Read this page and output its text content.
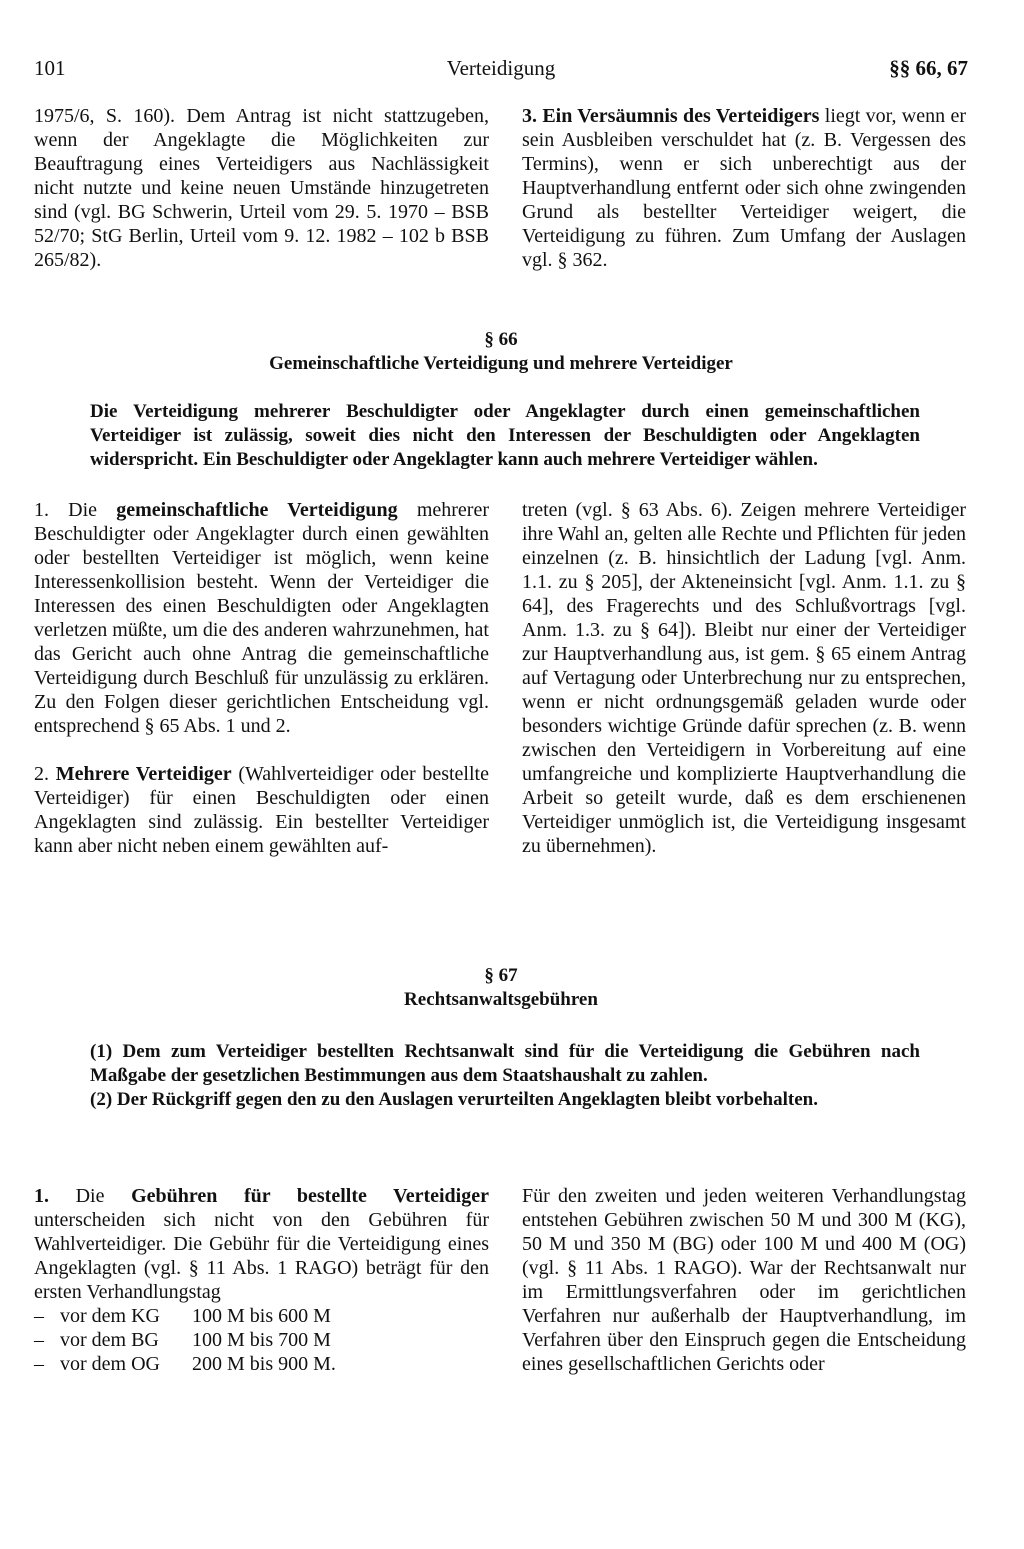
101	Verteidigung	§§ 66, 67

1975/6, S. 160). Dem Antrag ist nicht stattzugeben, wenn der Angeklagte die Möglichkeiten zur Beauftragung eines Verteidigers aus Nachlässigkeit nicht nutzte und keine neuen Umstände hinzugetreten sind (vgl. BG Schwerin, Urteil vom 29. 5. 1970 – BSB 52/70; StG Berlin, Urteil vom 9. 12. 1982 – 102 b BSB 265/82).

3. Ein Versäumnis des Verteidigers liegt vor, wenn er sein Ausbleiben verschuldet hat (z. B. Vergessen des Termins), wenn er sich unberechtigt aus der Hauptverhandlung entfernt oder sich ohne zwingenden Grund als bestellter Verteidiger weigert, die Verteidigung zu führen. Zum Umfang der Auslagen vgl. § 362.

§ 66
Gemeinschaftliche Verteidigung und mehrere Verteidiger

Die Verteidigung mehrerer Beschuldigter oder Angeklagter durch einen gemeinschaftlichen Verteidiger ist zulässig, soweit dies nicht den Interessen der Beschuldigten oder Angeklagten widerspricht. Ein Beschuldigter oder Angeklagter kann auch mehrere Verteidiger wählen.

1. Die gemeinschaftliche Verteidigung mehrerer Beschuldigter oder Angeklagter durch einen gewählten oder bestellten Verteidiger ist möglich, wenn keine Interessenkollision besteht. Wenn der Verteidiger die Interessen des einen Beschuldigten oder Angeklagten verletzen müßte, um die des anderen wahrzunehmen, hat das Gericht auch ohne Antrag die gemeinschaftliche Verteidigung durch Beschluß für unzulässig zu erklären. Zu den Folgen dieser gerichtlichen Entscheidung vgl. entsprechend § 65 Abs. 1 und 2.

2. Mehrere Verteidiger (Wahlverteidiger oder bestellte Verteidiger) für einen Beschuldigten oder einen Angeklagten sind zulässig. Ein bestellter Verteidiger kann aber nicht neben einem gewählten auf-

treten (vgl. § 63 Abs. 6). Zeigen mehrere Verteidiger ihre Wahl an, gelten alle Rechte und Pflichten für jeden einzelnen (z. B. hinsichtlich der Ladung [vgl. Anm. 1.1. zu § 205], der Akteneinsicht [vgl. Anm. 1.1. zu § 64], des Fragerechts und des Schlußvortrags [vgl. Anm. 1.3. zu § 64]). Bleibt nur einer der Verteidiger zur Hauptverhandlung aus, ist gem. § 65 einem Antrag auf Vertagung oder Unterbrechung nur zu entsprechen, wenn er nicht ordnungsgemäß geladen wurde oder besonders wichtige Gründe dafür sprechen (z. B. wenn zwischen den Verteidigern in Vorbereitung auf eine umfangreiche und komplizierte Hauptverhandlung die Arbeit so geteilt wurde, daß es dem erschienenen Verteidiger unmöglich ist, die Verteidigung insgesamt zu übernehmen).

§ 67
Rechtsanwaltsgebühren

(1) Dem zum Verteidiger bestellten Rechtsanwalt sind für die Verteidigung die Gebühren nach Maßgabe der gesetzlichen Bestimmungen aus dem Staatshaushalt zu zahlen.

(2) Der Rückgriff gegen den zu den Auslagen verurteilten Angeklagten bleibt vorbehalten.

1. Die Gebühren für bestellte Verteidiger unterscheiden sich nicht von den Gebühren für Wahlverteidiger. Die Gebühr für die Verteidigung eines Angeklagten (vgl. § 11 Abs. 1 RAGO) beträgt für den ersten Verhandlungstag

– vor dem KG	100 M bis 600 M
– vor dem BG	100 M bis 700 M
– vor dem OG	200 M bis 900 M.

Für den zweiten und jeden weiteren Verhandlungstag entstehen Gebühren zwischen 50 M und 300 M (KG), 50 M und 350 M (BG) oder 100 M und 400 M (OG) (vgl. § 11 Abs. 1 RAGO). War der Rechtsanwalt nur im Ermittlungsverfahren oder im gerichtlichen Verfahren nur außerhalb der Hauptverhandlung, im Verfahren über den Einspruch gegen die Entscheidung eines gesellschaftlichen Gerichts oder
